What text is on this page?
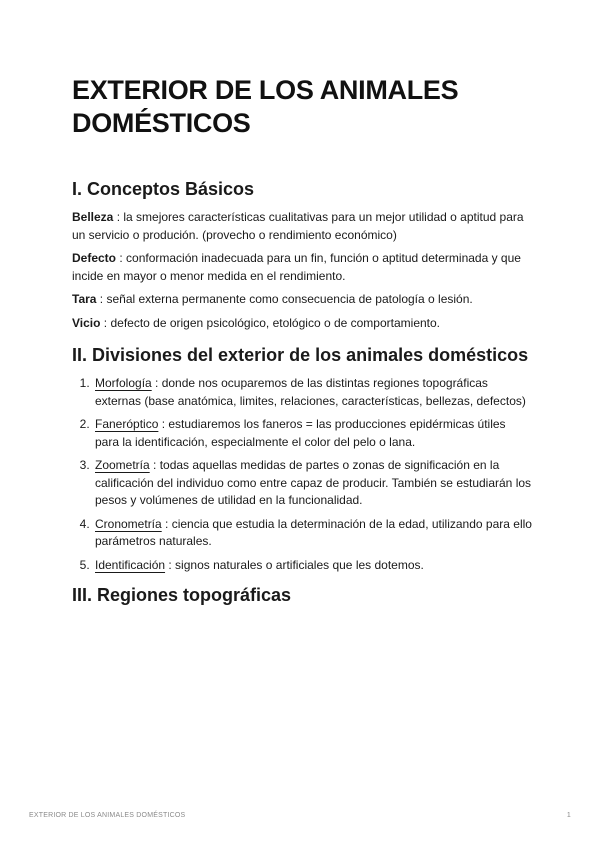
EXTERIOR DE LOS ANIMALES DOMÉSTICOS
I. Conceptos Básicos

Belleza : la smejores características cualitativas para un mejor utilidad o aptitud para un servicio o produción. (provecho o rendimiento económico)

Defecto : conformación inadecuada para un fin, función o aptitud determinada y que incide en mayor o menor medida en el rendimiento.

Tara : señal externa permanente como consecuencia de patología o lesión.

Vicio : defecto de origen psicológico, etológico o de comportamiento.

II. Divisiones del exterior de los animales domésticos
1. Morfología : donde nos ocuparemos de las distintas regiones topográficas externas (base anatómica, limites, relaciones, características, bellezas, defectos)
2. Faneróptico : estudiaremos los faneros = las producciones epidérmicas útiles para la identificación, especialmente el color del pelo o lana.
3. Zoometría : todas aquellas medidas de partes o zonas de significación en la calificación del individuo como entre capaz de producir. También se estudiarán los pesos y volúmenes de utilidad en la funcionalidad.
4. Cronometría : ciencia que estudia la determinación de la edad, utilizando para ello parámetros naturales.
5. Identificación : signos naturales o artificiales que les dotemos.
III. Regiones topográficas
EXTERIOR DE LOS ANIMALES DOMÉSTICOS	1
